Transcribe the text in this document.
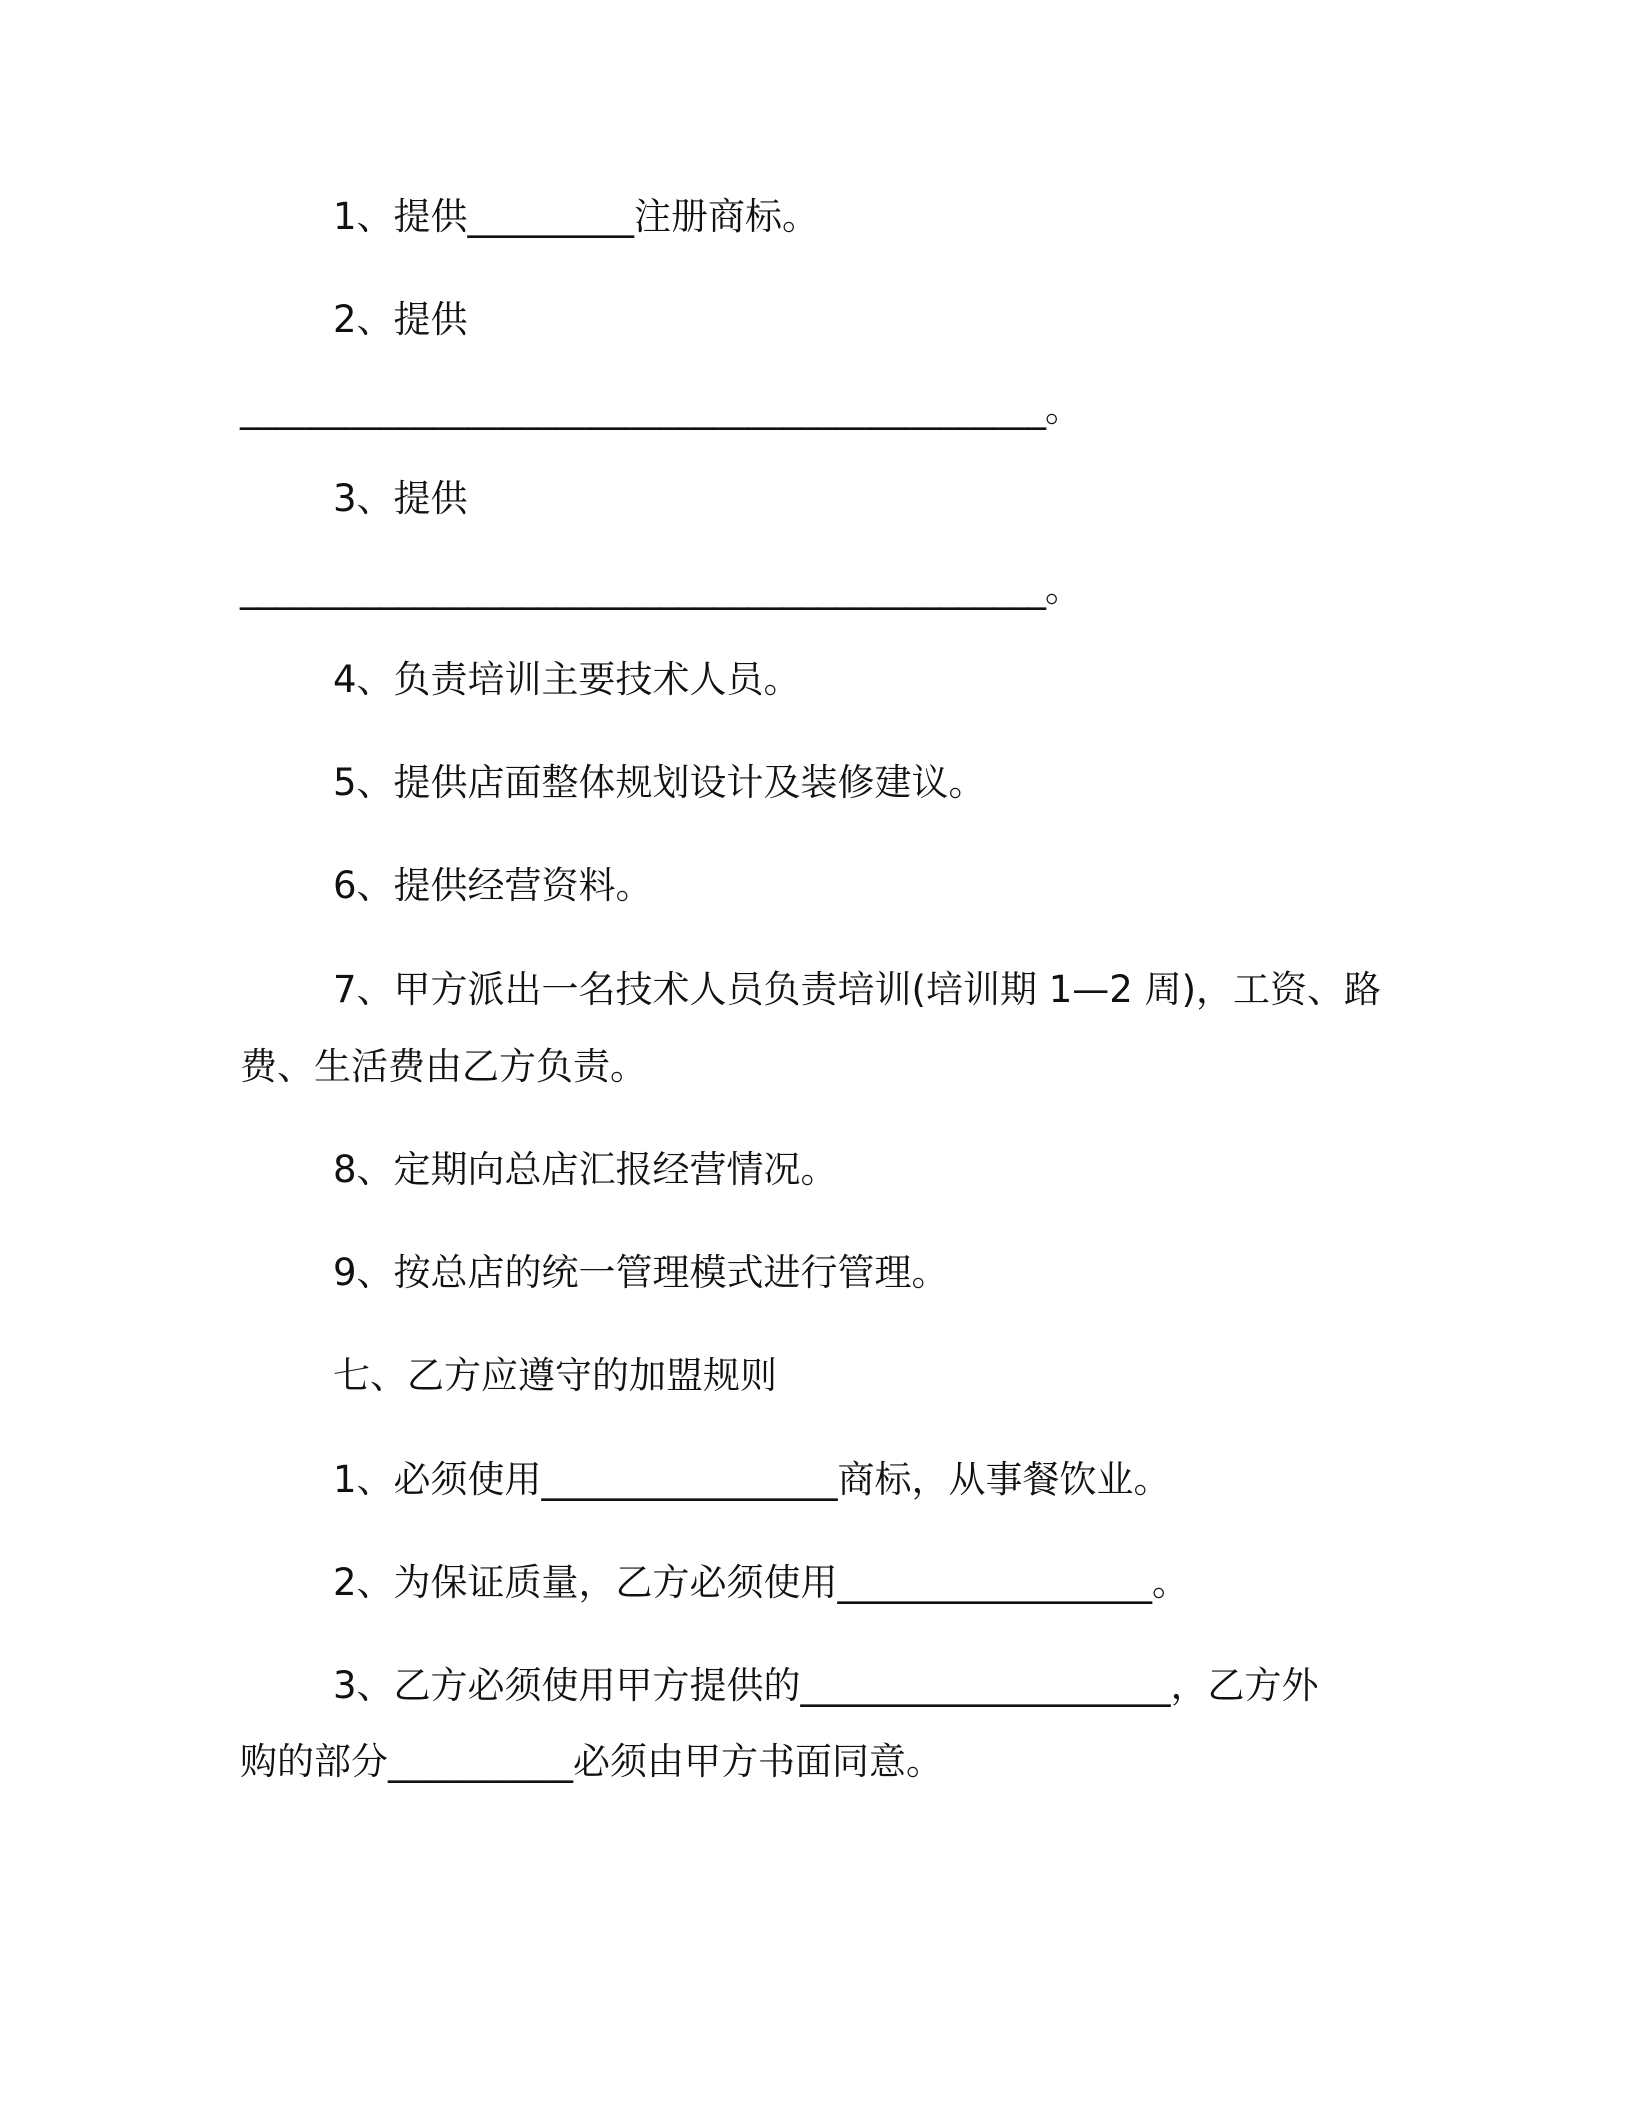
1、提供_________注册商标。
2、提供
______________________________________________。
3、提供
______________________________________________。
4、负责培训主要技术人员。
5、提供店面整体规划设计及装修建议。
6、提供经营资料。
7、甲方派出一名技术人员负责培训(培训期 1—2 周)，工资、路
费、生活费由乙方负责。
8、定期向总店汇报经营情况。
9、按总店的统一管理模式进行管理。
七、乙方应遵守的加盟规则
1、必须使用________________商标，从事餐饮业。
2、为保证质量，乙方必须使用_________________。
3、乙方必须使用甲方提供的____________________，乙方外
购的部分__________必须由甲方书面同意。
